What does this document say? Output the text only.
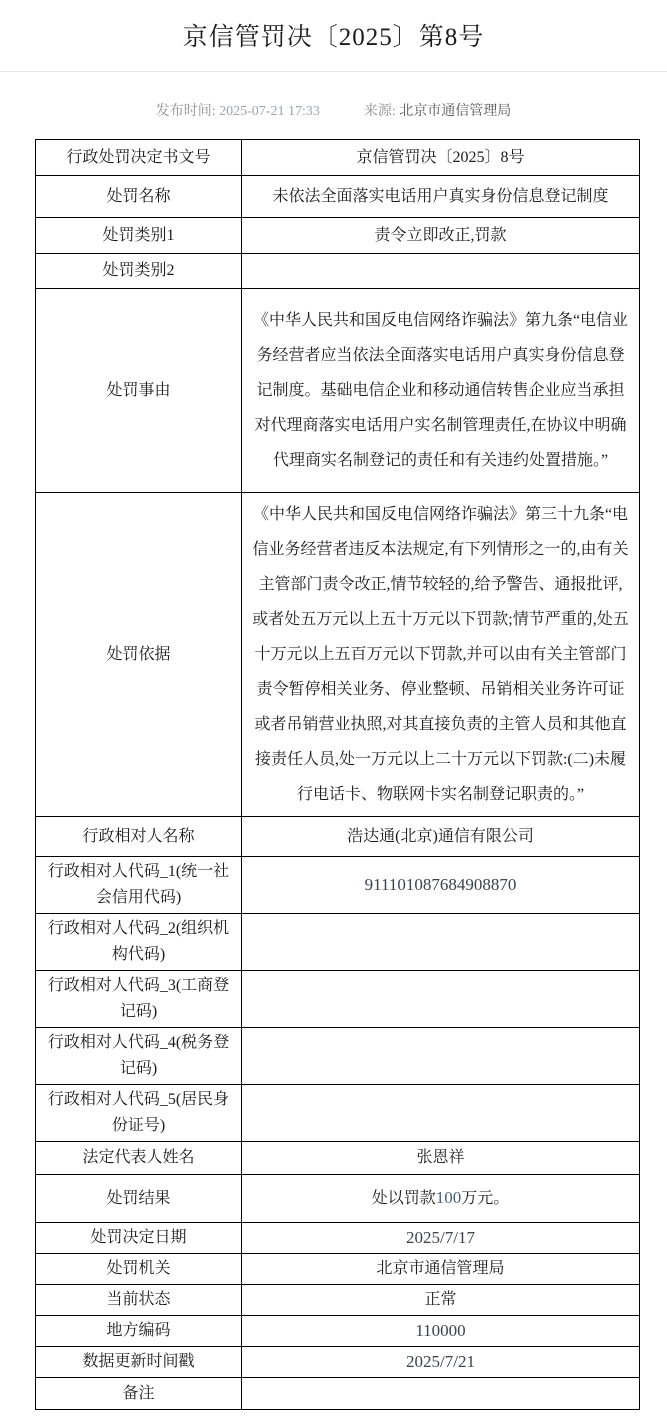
京信管罚决〔2025〕第8号
发布时间: 2025-07-21 17:33	来源: 北京市通信管理局
行政处罚决定书文号	京信管罚决〔2025〕8号
处罚名称	未依法全面落实电话用户真实身份信息登记制度
处罚类别1	责令立即改正,罚款
处罚类别2	
处罚事由	《中华人民共和国反电信网络诈骗法》第九条“电信业务经营者应当依法全面落实电话用户真实身份信息登记制度。基础电信企业和移动通信转售企业应当承担对代理商落实电话用户实名制管理责任,在协议中明确代理商实名制登记的责任和有关违约处置措施。”
处罚依据	《中华人民共和国反电信网络诈骗法》第三十九条“电信业务经营者违反本法规定,有下列情形之一的,由有关主管部门责令改正,情节较轻的,给予警告、通报批评,或者处五万元以上五十万元以下罚款;情节严重的,处五十万元以上五百万元以下罚款,并可以由有关主管部门责令暂停相关业务、停业整顿、吊销相关业务许可证或者吊销营业执照,对其直接负责的主管人员和其他直接责任人员,处一万元以上二十万元以下罚款:(二)未履行电话卡、物联网卡实名制登记职责的。”
行政相对人名称	浩达通(北京)通信有限公司
行政相对人代码_1(统一社会信用代码)	911101087684908870
行政相对人代码_2(组织机构代码)	
行政相对人代码_3(工商登记码)	
行政相对人代码_4(税务登记码)	
行政相对人代码_5(居民身份证号)	
法定代表人姓名	张恩祥
处罚结果	处以罚款100万元。
处罚决定日期	2025/7/17
处罚机关	北京市通信管理局
当前状态	正常
地方编码	110000
数据更新时间戳	2025/7/21
备注	
